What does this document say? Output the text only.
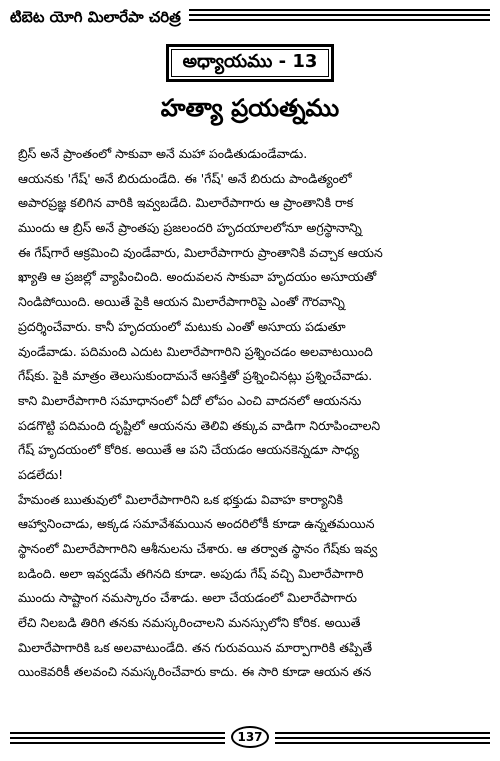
టిబెట యోగి మిలారేపా చరిత్ర
అధ్యాయము - 13
హత్యా ప్రయత్నము
బ్రిస్ అనే ప్రాంతంలో సాకువా అనే మహా పండితుడుండేవాడు.
ఆయనకు 'గేష్' అనే బిరుదుండేది. ఈ 'గేష్' అనే బిరుదు పాండిత్యంలో
అపారప్రజ్ఞ కలిగిన వారికి ఇవ్వబడేది. మిలారేపాగారు ఆ ప్రాంతానికి రాక
ముందు ఆ బ్రిస్ అనే ప్రాంతపు ప్రజలందరి హృదయాలలోనూ అగ్రస్థానాన్ని
ఈ గేష్‌గారే ఆక్రమించి వుండేవారు, మిలారేపాగారు ప్రాంతానికి వచ్చాక ఆయన
ఖ్యాతి ఆ ప్రజల్లో వ్యాపించింది. అందువలన సాకువా హృదయం అసూయతో
నిండిపోయింది. అయితే పైకి ఆయన మిలారేపాగారిపై ఎంతో గౌరవాన్ని
ప్రదర్శించేవారు. కానీ హృదయంలో మటుకు ఎంతో అసూయ పడుతూ
వుండేవాడు. పదిమంది ఎదుట మిలారేపాగారిని ప్రశ్నించడం అలవాటయింది
గేష్‌కు. పైకి మాత్రం తెలుసుకుందామనే ఆసక్తితో ప్రశ్నించినట్లు ప్రశ్నించేవాడు.
కాని మిలారేపాగారి సమాధానంలో ఏదో లోపం ఎంచి వాదనలో ఆయనను
పడగొట్టి పదిమంది దృష్టిలో ఆయనను తెలివి తక్కువ వాడిగా నిరూపించాలని
గేష్ హృదయంలో కోరిక. అయితే ఆ పని చేయడం ఆయనకెన్నడూ సాధ్య
పడలేదు!
హేమంత ఋతువులో మిలారేపాగారిని ఒక భక్తుడు వివాహ కార్యానికి
ఆహ్వానించాడు, అక్కడ సమావేశమయిన అందరిలోకీ కూడా ఉన్నతమయిన
స్థానంలో మిలారేపాగారిని ఆశీనులను చేశారు. ఆ తర్వాత స్థానం గేష్‌కు ఇవ్వ
బడింది. అలా ఇవ్వడమే తగినది కూడా. అపుడు గేష్ వచ్చి మిలారేపాగారి
ముందు సాష్టాంగ నమస్కారం చేశాడు. అలా చేయడంలో మిలారేపాగారు
లేచి నిలబడి తిరిగి తనకు నమస్కరించాలని మనస్సులోని కోరిక. అయితే
మిలారేపాగారికి ఒక అలవాటుండేది. తన గురువయిన మార్పాగారికి తప్పితే
యింకెవరికీ తలవంచి నమస్కరించేవారు కాదు. ఈ సారి కూడా ఆయన తన
137
